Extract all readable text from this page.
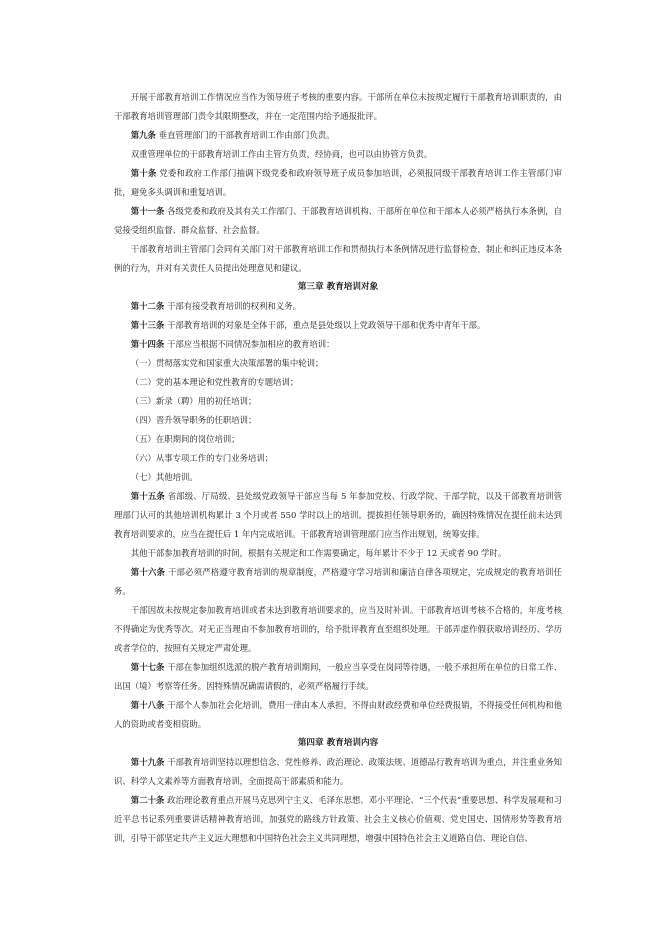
开展干部教育培训工作情况应当作为领导班子考核的重要内容。干部所在单位未按规定履行干部教育培训职责的，由干部教育培训管理部门责令其限期整改，并在一定范围内给予通报批评。

第九条 垂直管理部门的干部教育培训工作由部门负责。

双重管理单位的干部教育培训工作由主管方负责，经协商，也可以由协管方负责。

第十条 党委和政府工作部门抽调下级党委和政府领导班子成员参加培训，必须报同级干部教育培训工作主管部门审批，避免多头调训和重复培训。

第十一条 各级党委和政府及其有关工作部门、干部教育培训机构、干部所在单位和干部本人必须严格执行本条例，自觉接受组织监督、群众监督、社会监督。

干部教育培训主管部门会同有关部门对干部教育培训工作和贯彻执行本条例情况进行监督检查，制止和纠正违反本条例的行为，并对有关责任人员提出处理意见和建议。

第三章 教育培训对象

第十二条 干部有接受教育培训的权利和义务。

第十三条 干部教育培训的对象是全体干部，重点是县处级以上党政领导干部和优秀中青年干部。

第十四条 干部应当根据不同情况参加相应的教育培训：

（一）贯彻落实党和国家重大决策部署的集中轮训；

（二）党的基本理论和党性教育的专题培训；

（三）新录（聘）用的初任培训；

（四）晋升领导职务的任职培训；

（五）在职期间的岗位培训；

（六）从事专项工作的专门业务培训；

（七）其他培训。

第十五条 省部级、厅局级、县处级党政领导干部应当每 5 年参加党校、行政学院、干部学院，以及干部教育培训管理部门认可的其他培训机构累计 3 个月或者 550 学时以上的培训。提拔担任领导职务的，确因特殊情况在提任前未达到教育培训要求的，应当在提任后 1 年内完成培训。干部教育培训管理部门应当作出规划，统筹安排。

其他干部参加教育培训的时间，根据有关规定和工作需要确定，每年累计不少于 12 天或者 90 学时。

第十六条 干部必须严格遵守教育培训的规章制度，严格遵守学习培训和廉洁自律各项规定，完成规定的教育培训任务。

干部因故未按规定参加教育培训或者未达到教育培训要求的，应当及时补训。干部教育培训考核不合格的，年度考核不得确定为优秀等次。对无正当理由不参加教育培训的，给予批评教育直至组织处理。干部弄虚作假获取培训经历、学历或者学位的，按照有关规定严肃处理。

第十七条 干部在参加组织选派的脱产教育培训期间，一般应当享受在岗同等待遇，一般不承担所在单位的日常工作、出国（境）考察等任务。因特殊情况确需请假的，必须严格履行手续。

第十八条 干部个人参加社会化培训，费用一律由本人承担，不得由财政经费和单位经费报销，不得接受任何机构和他人的资助或者变相资助。

第四章 教育培训内容

第十九条 干部教育培训坚持以理想信念、党性修养、政治理论、政策法规、道德品行教育培训为重点，并注重业务知识、科学人文素养等方面教育培训，全面提高干部素质和能力。

第二十条 政治理论教育重点开展马克思列宁主义、毛泽东思想、邓小平理论、“三个代表”重要思想、科学发展观和习近平总书记系列重要讲话精神教育培训，加强党的路线方针政策、社会主义核心价值观、党史国史、国情形势等教育培训，引导干部坚定共产主义远大理想和中国特色社会主义共同理想，增强中国特色社会主义道路自信、理论自信、
